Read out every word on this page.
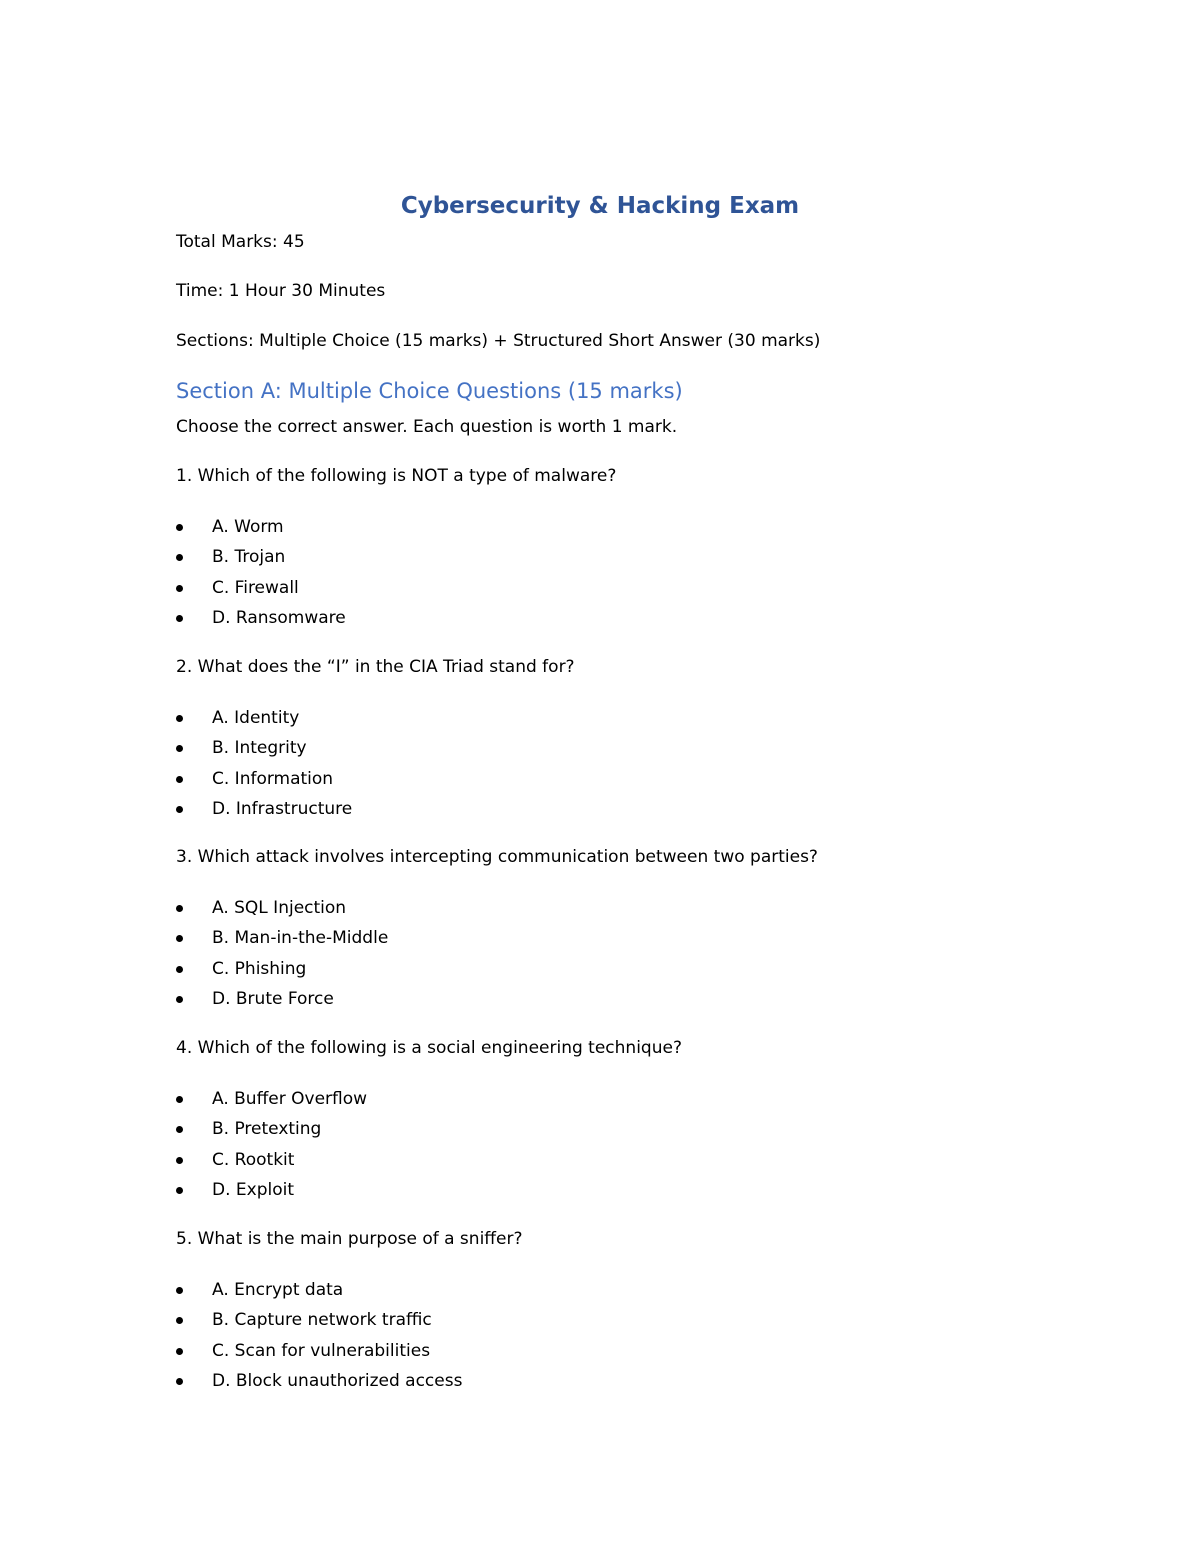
Cybersecurity & Hacking Exam
Total Marks: 45
Time: 1 Hour 30 Minutes
Sections: Multiple Choice (15 marks) + Structured Short Answer (30 marks)
Section A: Multiple Choice Questions (15 marks)
Choose the correct answer. Each question is worth 1 mark.

1. Which of the following is NOT a type of malware?

A. Worm
B. Trojan
C. Firewall
D. Ransomware

2. What does the “I” in the CIA Triad stand for?

A. Identity
B. Integrity
C. Information
D. Infrastructure

3. Which attack involves intercepting communication between two parties?

A. SQL Injection
B. Man-in-the-Middle
C. Phishing
D. Brute Force

4. Which of the following is a social engineering technique?

A. Buffer Overflow
B. Pretexting
C. Rootkit
D. Exploit

5. What is the main purpose of a sniffer?

A. Encrypt data
B. Capture network traffic
C. Scan for vulnerabilities
D. Block unauthorized access
